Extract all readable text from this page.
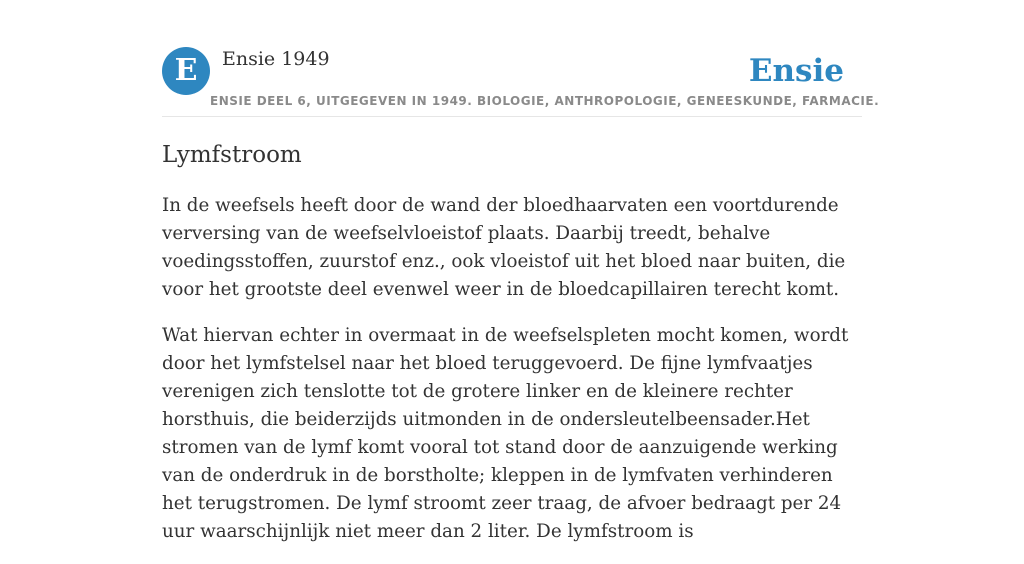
E	Ensie 1949	Ensie
ENSIE DEEL 6, UITGEGEVEN IN 1949. BIOLOGIE, ANTHROPOLOGIE, GENEESKUNDE, FARMACIE.
Lymfstroom

In de weefsels heeft door de wand der bloedhaarvaten een voortdurende verversing van de weefselvloeistof plaats. Daarbij treedt, behalve voedingsstoffen, zuurstof enz., ook vloeistof uit het bloed naar buiten, die voor het grootste deel evenwel weer in de bloedcapillairen terecht komt.

Wat hiervan echter in overmaat in de weefselspleten mocht komen, wordt door het lymfstelsel naar het bloed teruggevoerd. De fijne lymfvaatjes verenigen zich tenslotte tot de grotere linker en de kleinere rechter horsthuis, die beiderzijds uitmonden in de ondersleutelbeensader.Het stromen van de lymf komt vooral tot stand door de aanzuigende werking van de onderdruk in de borstholte; kleppen in de lymfvaten verhinderen het terugstromen. De lymf stroomt zeer traag, de afvoer bedraagt per 24 uur waarschijnlijk niet meer dan 2 liter. De lymfstroom is
